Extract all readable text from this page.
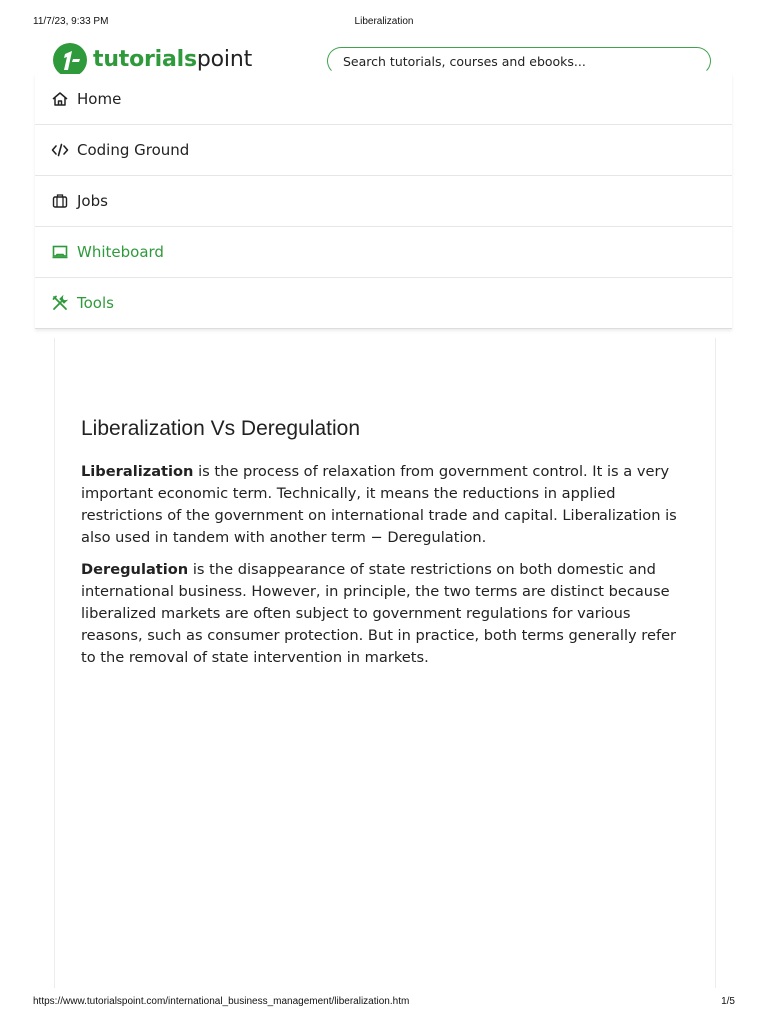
11/7/23, 9:33 PM	Liberalization
tutorialspoint
Search tutorials, courses and ebooks...
Home
Coding Ground
Jobs
Whiteboard
Tools
Liberalization Vs Deregulation

Liberalization is the process of relaxation from government control. It is a very important economic term. Technically, it means the reductions in applied restrictions of the government on international trade and capital. Liberalization is also used in tandem with another term − Deregulation.

Deregulation is the disappearance of state restrictions on both domestic and international business. However, in principle, the two terms are distinct because liberalized markets are often subject to government regulations for various reasons, such as consumer protection. But in practice, both terms generally refer to the removal of state intervention in markets.

https://www.tutorialspoint.com/international_business_management/liberalization.htm	1/5
